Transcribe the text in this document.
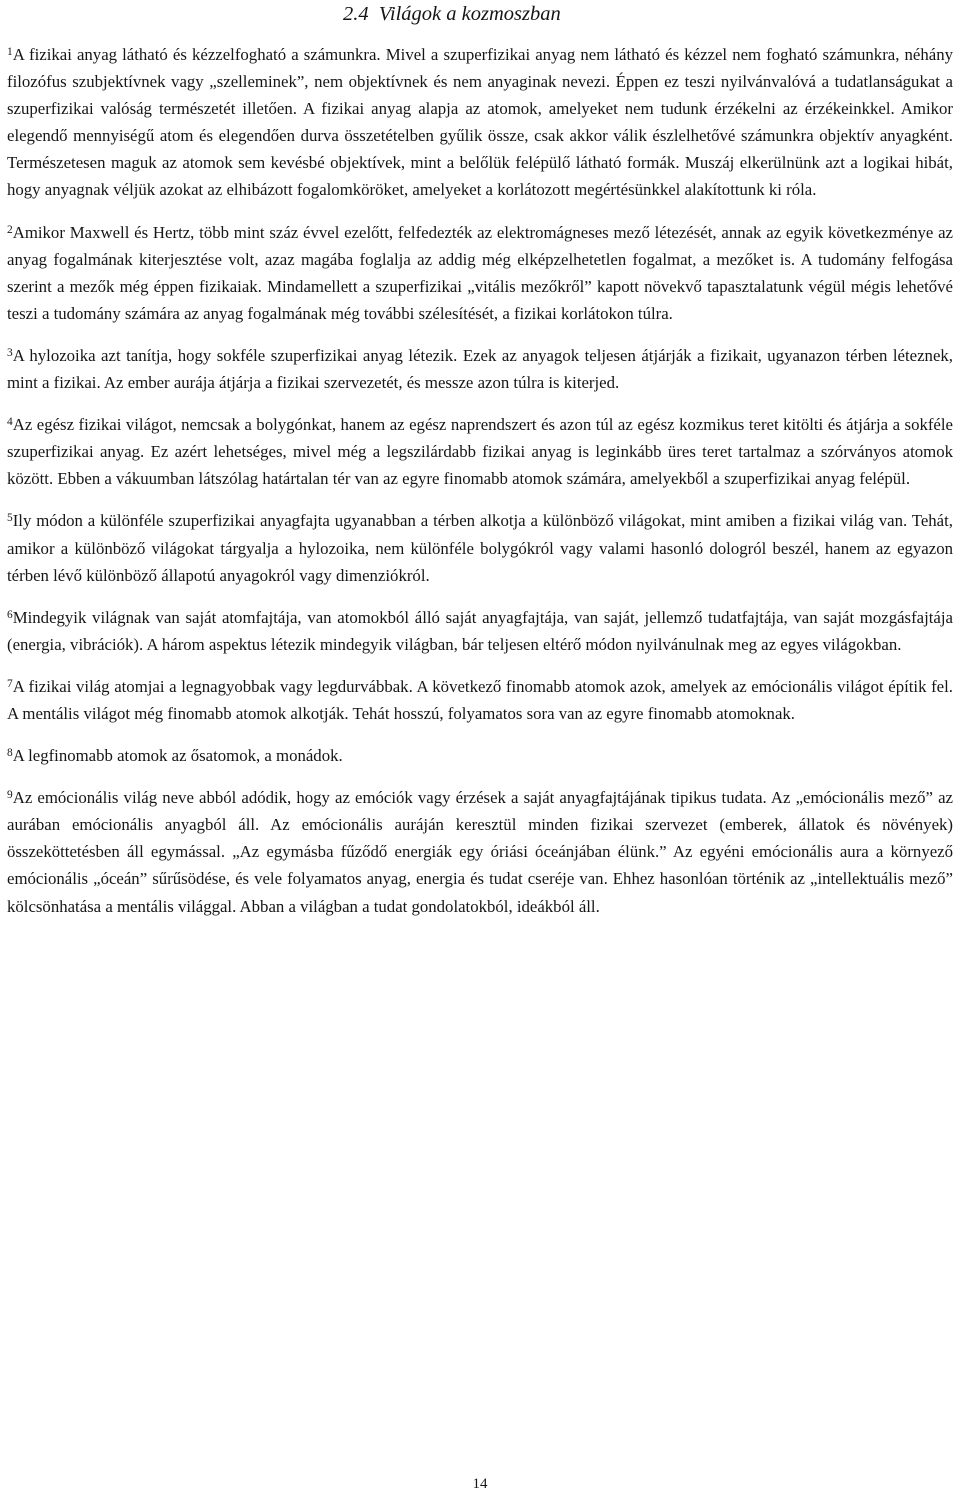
2.4 Világok a kozmoszban

$^1$A fizikai anyag látható és kézzelfogható a számunkra. Mivel a szuperfizikai anyag nem látható és kézzel nem fogható számunkra, néhány filozófus szubjektívnek vagy „szelleminek”, nem objektívnek és nem anyaginak nevezi. Éppen ez teszi nyilvánvalóvá a tudatlanságukat a szuperfizikai valóság természetét illetően. A fizikai anyag alapja az atomok, amelyeket nem tudunk érzékelni az érzékeinkkel. Amikor elegendő mennyiségű atom és elegendően durva összetételben gyűlik össze, csak akkor válik észlelhetővé számunkra objektív anyagként. Természetesen maguk az atomok sem kevésbé objektívek, mint a belőlük felépülő látható formák. Muszáj elkerülnünk azt a logikai hibát, hogy anyagnak véljük azokat az elhibázott fogalomköröket, amelyeket a korlátozott megértésünkkel alakítottunk ki róla.

$^2$Amikor Maxwell és Hertz, több mint száz évvel ezelőtt, felfedezték az elektromágneses mező létezését, annak az egyik következménye az anyag fogalmának kiterjesztése volt, azaz magába foglalja az addig még elképzelhetetlen fogalmat, a mezőket is. A tudomány felfogása szerint a mezők még éppen fizikaiak. Mindamellett a szuperfizikai „vitális mezőkről” kapott növekvő tapasztalatunk végül mégis lehetővé teszi a tudomány számára az anyag fogalmának még további szélesítését, a fizikai korlátokon túlra.

$^3$A hylozoika azt tanítja, hogy sokféle szuperfizikai anyag létezik. Ezek az anyagok teljesen átjárják a fizikait, ugyanazon térben léteznek, mint a fizikai. Az ember aurája átjárja a fizikai szervezetét, és messze azon túlra is kiterjed.

$^4$Az egész fizikai világot, nemcsak a bolygónkat, hanem az egész naprendszert és azon túl az egész kozmikus teret kitölti és átjárja a sokféle szuperfizikai anyag. Ez azért lehetséges, mivel még a legszilárdabb fizikai anyag is leginkább üres teret tartalmaz a szórványos atomok között. Ebben a vákuumban látszólag határtalan tér van az egyre finomabb atomok számára, amelyekből a szuperfizikai anyag felépül.

$^5$Ily módon a különféle szuperfizikai anyagfajta ugyanabban a térben alkotja a különböző világokat, mint amiben a fizikai világ van. Tehát, amikor a különböző világokat tárgyalja a hylozoika, nem különféle bolygókról vagy valami hasonló dologról beszél, hanem az egyazon térben lévő különböző állapotú anyagokról vagy dimenziókról.

$^6$Mindegyik világnak van saját atomfajtája, van atomokból álló saját anyagfajtája, van saját, jellemző tudatfajtája, van saját mozgásfajtája (energia, vibrációk). A három aspektus létezik mindegyik világban, bár teljesen eltérő módon nyilvánulnak meg az egyes világokban.

$^7$A fizikai világ atomjai a legnagyobbak vagy legdurvábbak. A következő finomabb atomok azok, amelyek az emócionális világot építik fel. A mentális világot még finomabb atomok alkotják. Tehát hosszú, folyamatos sora van az egyre finomabb atomoknak.

$^8$A legfinomabb atomok az ősatomok, a monádok.

$^9$Az emócionális világ neve abból adódik, hogy az emóciók vagy érzések a saját anyagfajtájának tipikus tudata. Az „emócionális mező” az aurában emócionális anyagból áll. Az emócionális auráján keresztül minden fizikai szervezet (emberek, állatok és növények) összeköttetésben áll egymással. „Az egymásba fűződő energiák egy óriási óceánjában élünk.” Az egyéni emócionális aura a környező emócionális „óceán” sűrűsödése, és vele folyamatos anyag, energia és tudat cseréje van. Ehhez hasonlóan történik az „intellektuális mező” kölcsönhatása a mentális világgal. Abban a világban a tudat gondolatokból, ideákból áll.

14
